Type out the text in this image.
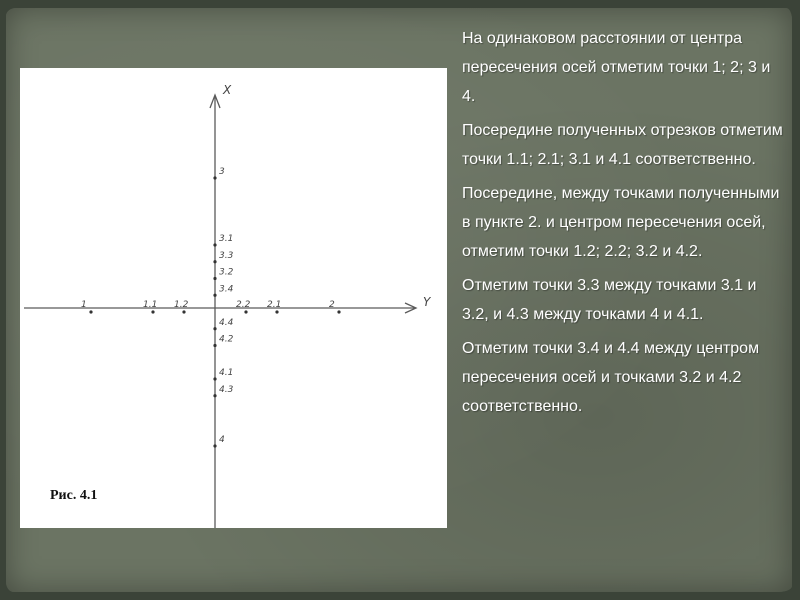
Y
X
1	1.1 1.2	2.2 2.1	2
3
3.1
3.3
3.2
3.4
4.4
4.2
4.1
4.3
4
Рис. 4.1

На одинаковом расстоянии от центра пересечения осей отметим точки 1; 2; 3 и 4.

Посередине полученных отрезков отметим точки 1.1; 2.1; 3.1 и 4.1 соответственно.

Посередине, между точками полученными в пункте 2. и центром пересечения осей, отметим точки 1.2; 2.2; 3.2 и 4.2.

Отметим точки 3.3 между точками 3.1 и 3.2, и 4.3 между точками 4 и 4.1.

Отметим точки 3.4 и 4.4 между центром пересечения осей и точками 3.2 и 4.2 соответственно.
